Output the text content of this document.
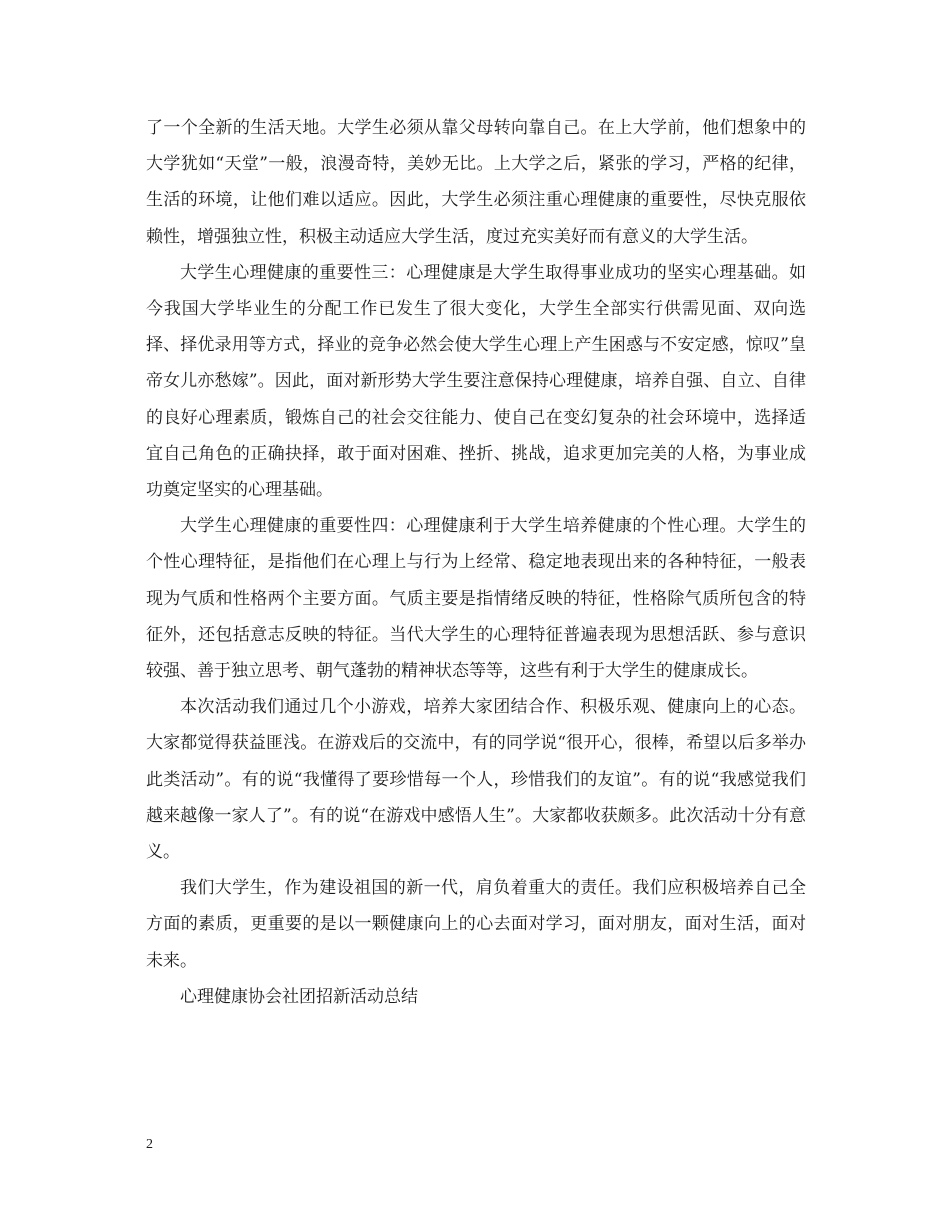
了一个全新的生活天地。大学生必须从靠父母转向靠自己。在上大学前，他们想象中的大学犹如“天堂”一般，浪漫奇特，美妙无比。上大学之后，紧张的学习，严格的纪律，生活的环境，让他们难以适应。因此，大学生必须注重心理健康的重要性，尽快克服依赖性，增强独立性，积极主动适应大学生活，度过充实美好而有意义的大学生活。

大学生心理健康的重要性三：心理健康是大学生取得事业成功的坚实心理基础。如今我国大学毕业生的分配工作已发生了很大变化，大学生全部实行供需见面、双向选择、择优录用等方式，择业的竞争必然会使大学生心理上产生困惑与不安定感，惊叹”皇帝女儿亦愁嫁”。因此，面对新形势大学生要注意保持心理健康，培养自强、自立、自律的良好心理素质，锻炼自己的社会交往能力、使自己在变幻复杂的社会环境中，选择适宜自己角色的正确抉择，敢于面对困难、挫折、挑战，追求更加完美的人格，为事业成功奠定坚实的心理基础。

大学生心理健康的重要性四：心理健康利于大学生培养健康的个性心理。大学生的个性心理特征，是指他们在心理上与行为上经常、稳定地表现出来的各种特征，一般表现为气质和性格两个主要方面。气质主要是指情绪反映的特征，性格除气质所包含的特征外，还包括意志反映的特征。当代大学生的心理特征普遍表现为思想活跃、参与意识较强、善于独立思考、朝气蓬勃的精神状态等等，这些有利于大学生的健康成长。

本次活动我们通过几个小游戏，培养大家团结合作、积极乐观、健康向上的心态。大家都觉得获益匪浅。在游戏后的交流中，有的同学说“很开心，很棒，希望以后多举办此类活动”。有的说“我懂得了要珍惜每一个人，珍惜我们的友谊”。有的说“我感觉我们越来越像一家人了”。有的说“在游戏中感悟人生”。大家都收获颇多。此次活动十分有意义。

我们大学生，作为建设祖国的新一代，肩负着重大的责任。我们应积极培养自己全方面的素质，更重要的是以一颗健康向上的心去面对学习，面对朋友，面对生活，面对未来。

心理健康协会社团招新活动总结

2
